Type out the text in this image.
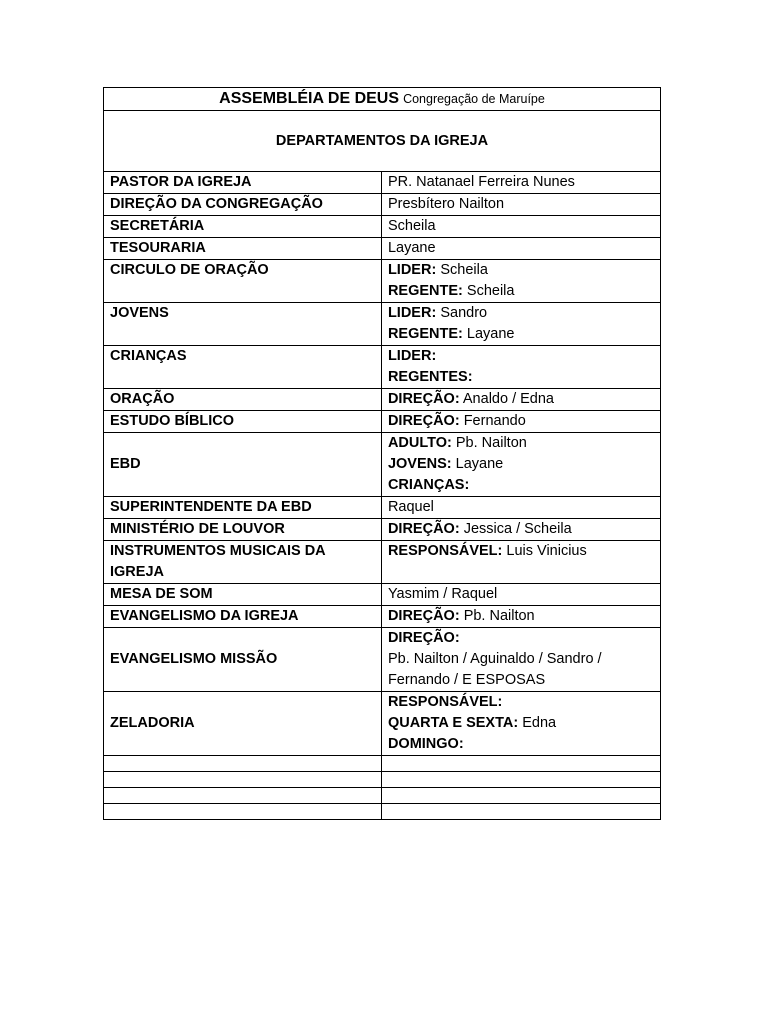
ASSEMBLÉIA DE DEUS Congregação de Maruípe	
DEPARTAMENTOS DA IGREJA	
PASTOR DA IGREJA	PR. Natanael Ferreira Nunes

DIREÇÃO DA CONGREGAÇÃO	Presbítero Nailton

SECRETÁRIA	Scheila

TESOURARIA	Layane

CIRCULO DE ORAÇÃO	LIDER: Scheila
REGENTE: Scheila

JOVENS	LIDER: Sandro
REGENTE: Layane

CRIANÇAS	LIDER:
REGENTES:

ORAÇÃO	DIREÇÃO: Analdo / Edna

ESTUDO BÍBLICO	DIREÇÃO: Fernando

EBD	ADULTO: Pb. Nailton
JOVENS: Layane
CRIANÇAS:

SUPERINTENDENTE DA EBD	Raquel

MINISTÉRIO DE LOUVOR	DIREÇÃO: Jessica / Scheila

INSTRUMENTOS MUSICAIS DA IGREJA	RESPONSÁVEL: Luis Vinicius

MESA DE SOM	Yasmim / Raquel

EVANGELISMO DA IGREJA	DIREÇÃO: Pb. Nailton

EVANGELISMO MISSÃO	DIREÇÃO:
Pb. Nailton / Aguinaldo / Sandro / Fernando / E ESPOSAS

ZELADORIA	RESPONSÁVEL:
QUARTA E SEXTA: Edna
DOMINGO:
